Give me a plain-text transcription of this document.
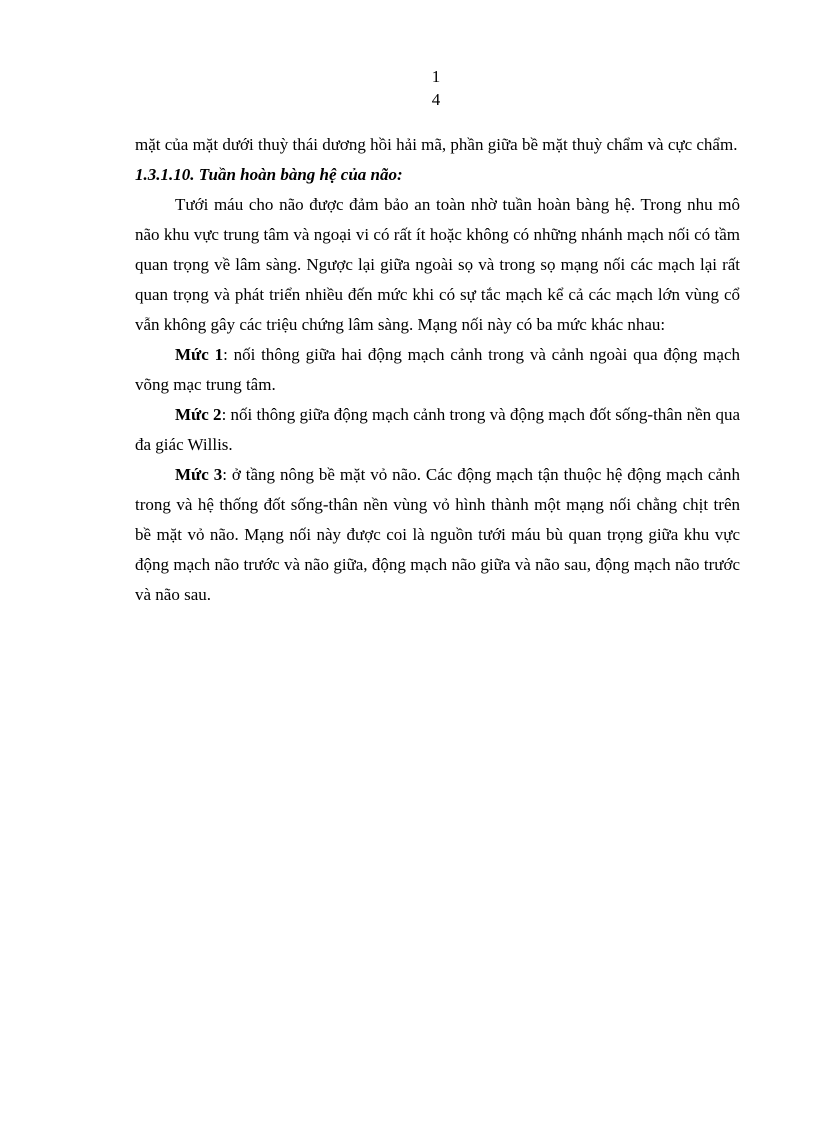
1
4

mặt của mặt dưới thuỳ thái dương hồi hải mã, phần giữa bề mặt thuỳ chẩm và cực chẩm.

1.3.1.10. Tuần hoàn bàng hệ của não:

Tưới máu cho não được đảm bảo an toàn nhờ tuần hoàn bàng hệ. Trong nhu mô não khu vực trung tâm và ngoại vi có rất ít hoặc không có những nhánh mạch nối có tầm quan trọng về lâm sàng. Ngược lại giữa ngoài sọ và trong sọ mạng nối các mạch lại rất quan trọng và phát triển nhiều đến mức khi có sự tắc mạch kể cả các mạch lớn vùng cổ vẫn không gây các triệu chứng lâm sàng. Mạng nối này có ba mức khác nhau:

Mức 1: nối thông giữa hai động mạch cảnh trong và cảnh ngoài qua động mạch võng mạc trung tâm.

Mức 2: nối thông giữa động mạch cảnh trong và động mạch đốt sống-thân nền qua đa giác Willis.

Mức 3: ở tầng nông bề mặt vỏ não. Các động mạch tận thuộc hệ động mạch cảnh trong và hệ thống đốt sống-thân nền vùng vỏ hình thành một mạng nối chằng chịt trên bề mặt vỏ não. Mạng nối này được coi là nguồn tưới máu bù quan trọng giữa khu vực động mạch não trước và não giữa, động mạch não giữa và não sau, động mạch não trước và não sau.
